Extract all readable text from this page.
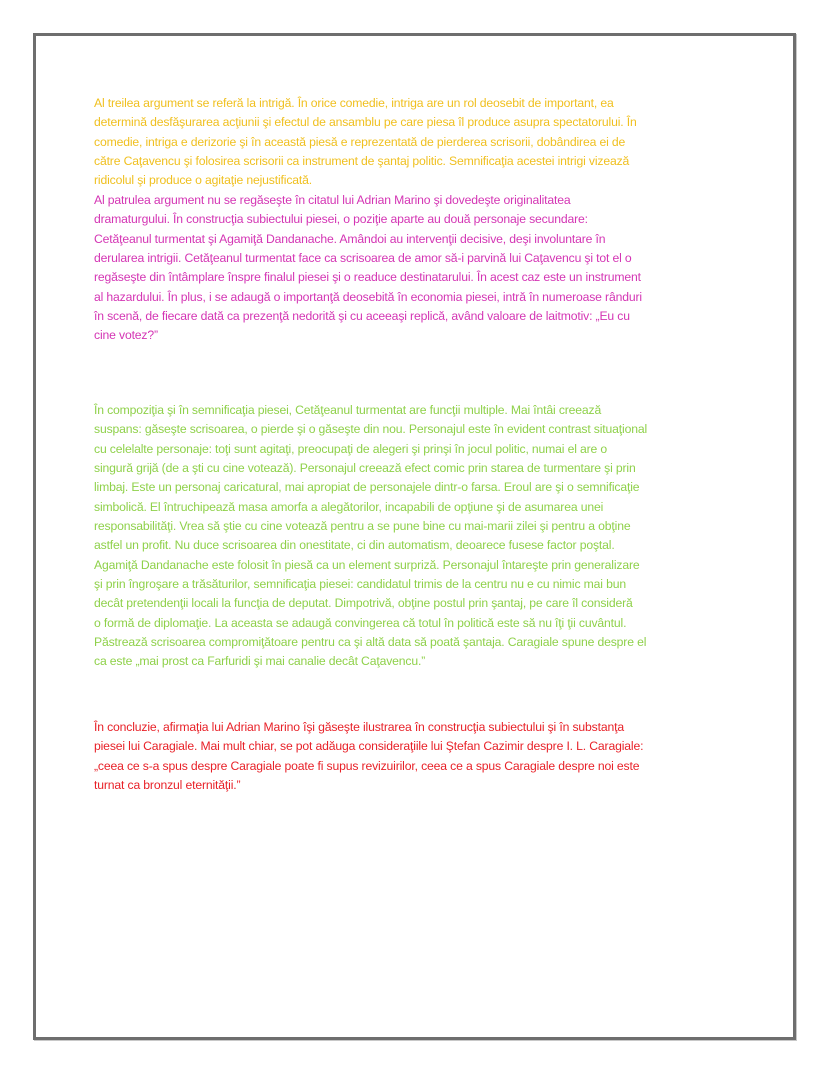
Al treilea argument se referă la intrigă. În orice comedie, intriga are un rol deosebit de important, ea
determină desfăşurarea acţiunii şi efectul de ansamblu pe care piesa îl produce asupra spectatorului. În
comedie, intriga e derizorie şi în această piesă e reprezentată de pierderea scrisorii, dobândirea ei de
către Caţavencu şi folosirea scrisorii ca instrument de şantaj politic. Semnificaţia acestei intrigi vizează
ridicolul şi produce o agitaţie nejustificată.
Al patrulea argument nu se regăseşte în citatul lui Adrian Marino şi dovedeşte originalitatea
dramaturgului. În construcţia subiectului piesei, o poziţie aparte au două personaje secundare:
Cetăţeanul turmentat şi Agamiţă Dandanache. Amândoi au intervenţii decisive, deşi involuntare în
derularea intrigii. Cetăţeanul turmentat face ca scrisoarea de amor să-i parvină lui Caţavencu şi tot el o
regăseşte din întâmplare înspre finalul piesei şi o readuce destinatarului. În acest caz este un instrument
al hazardului. În plus, i se adaugă o importanţă deosebită în economia piesei, intră în numeroase rânduri
în scenă, de fiecare dată ca prezenţă nedorită şi cu aceeaşi replică, având valoare de laitmotiv: „Eu cu
cine votez?”
În compoziţia şi în semnificaţia piesei, Cetăţeanul turmentat are funcţii multiple. Mai întâi creează
suspans: găseşte scrisoarea, o pierde şi o găseşte din nou. Personajul este în evident contrast situaţional
cu celelalte personaje: toţi sunt agitaţi, preocupaţi de alegeri şi prinşi în jocul politic, numai el are o
singură grijă (de a şti cu cine votează). Personajul creează efect comic prin starea de turmentare şi prin
limbaj. Este un personaj caricatural, mai apropiat de personajele dintr-o farsa. Eroul are şi o semnificaţie
simbolică. El întruchipează masa amorfa a alegătorilor, incapabili de opţiune şi de asumarea unei
responsabilităţi. Vrea să ştie cu cine votează pentru a se pune bine cu mai-marii zilei şi pentru a obţine
astfel un profit. Nu duce scrisoarea din onestitate, ci din automatism, deoarece fusese factor poştal.
Agamiţă Dandanache este folosit în piesă ca un element surpriză. Personajul întareşte prin generalizare
şi prin îngroşare a trăsăturilor, semnificaţia piesei: candidatul trimis de la centru nu e cu nimic mai bun
decât pretendenţii locali la funcţia de deputat. Dimpotrivă, obţine postul prin şantaj, pe care îl consideră
o formă de diplomaţie. La aceasta se adaugă convingerea că totul în politică este să nu îţi ţii cuvântul.
Păstrează scrisoarea compromiţătoare pentru ca şi altă data să poată şantaja. Caragiale spune despre el
ca este „mai prost ca Farfuridi şi mai canalie decât Caţavencu.”
În concluzie, afirmaţia lui Adrian Marino îşi găseşte ilustrarea în construcţia subiectului şi în substanţa
piesei lui Caragiale. Mai mult chiar, se pot adăuga consideraţiile lui Ştefan Cazimir despre I. L. Caragiale:
„ceea ce s-a spus despre Caragiale poate fi supus revizuirilor, ceea ce a spus Caragiale despre noi este
turnat ca bronzul eternităţii.”
